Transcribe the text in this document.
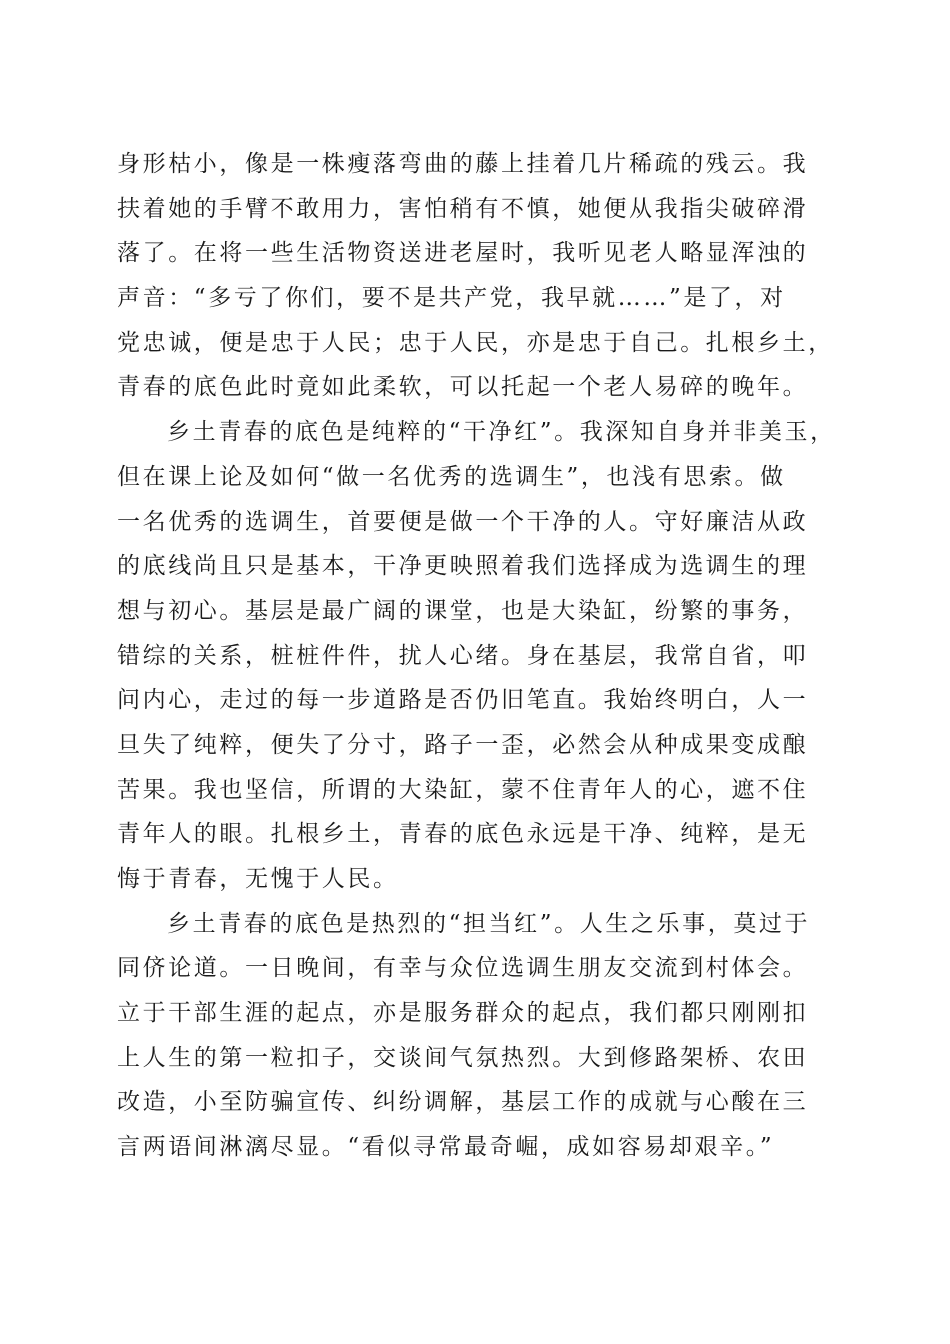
身形枯小，像是一株瘦落弯曲的藤上挂着几片稀疏的残云。我
扶着她的手臂不敢用力，害怕稍有不慎，她便从我指尖破碎滑
落了。在将一些生活物资送进老屋时，我听见老人略显浑浊的
声音：“多亏了你们，要不是共产党，我早就……”是了，对
党忠诚，便是忠于人民；忠于人民，亦是忠于自己。扎根乡土，
青春的底色此时竟如此柔软，可以托起一个老人易碎的晚年。
乡土青春的底色是纯粹的“干净红”。我深知自身并非美玉，
但在课上论及如何“做一名优秀的选调生”，也浅有思索。做
一名优秀的选调生，首要便是做一个干净的人。守好廉洁从政
的底线尚且只是基本，干净更映照着我们选择成为选调生的理
想与初心。基层是最广阔的课堂，也是大染缸，纷繁的事务，
错综的关系，桩桩件件，扰人心绪。身在基层，我常自省，叩
问内心，走过的每一步道路是否仍旧笔直。我始终明白，人一
旦失了纯粹，便失了分寸，路子一歪，必然会从种成果变成酿
苦果。我也坚信，所谓的大染缸，蒙不住青年人的心，遮不住
青年人的眼。扎根乡土，青春的底色永远是干净、纯粹，是无
悔于青春，无愧于人民。
乡土青春的底色是热烈的“担当红”。人生之乐事，莫过于
同侪论道。一日晚间，有幸与众位选调生朋友交流到村体会。
立于干部生涯的起点，亦是服务群众的起点，我们都只刚刚扣
上人生的第一粒扣子，交谈间气氛热烈。大到修路架桥、农田
改造，小至防骗宣传、纠纷调解，基层工作的成就与心酸在三
言两语间淋漓尽显。“看似寻常最奇崛，成如容易却艰辛。”
